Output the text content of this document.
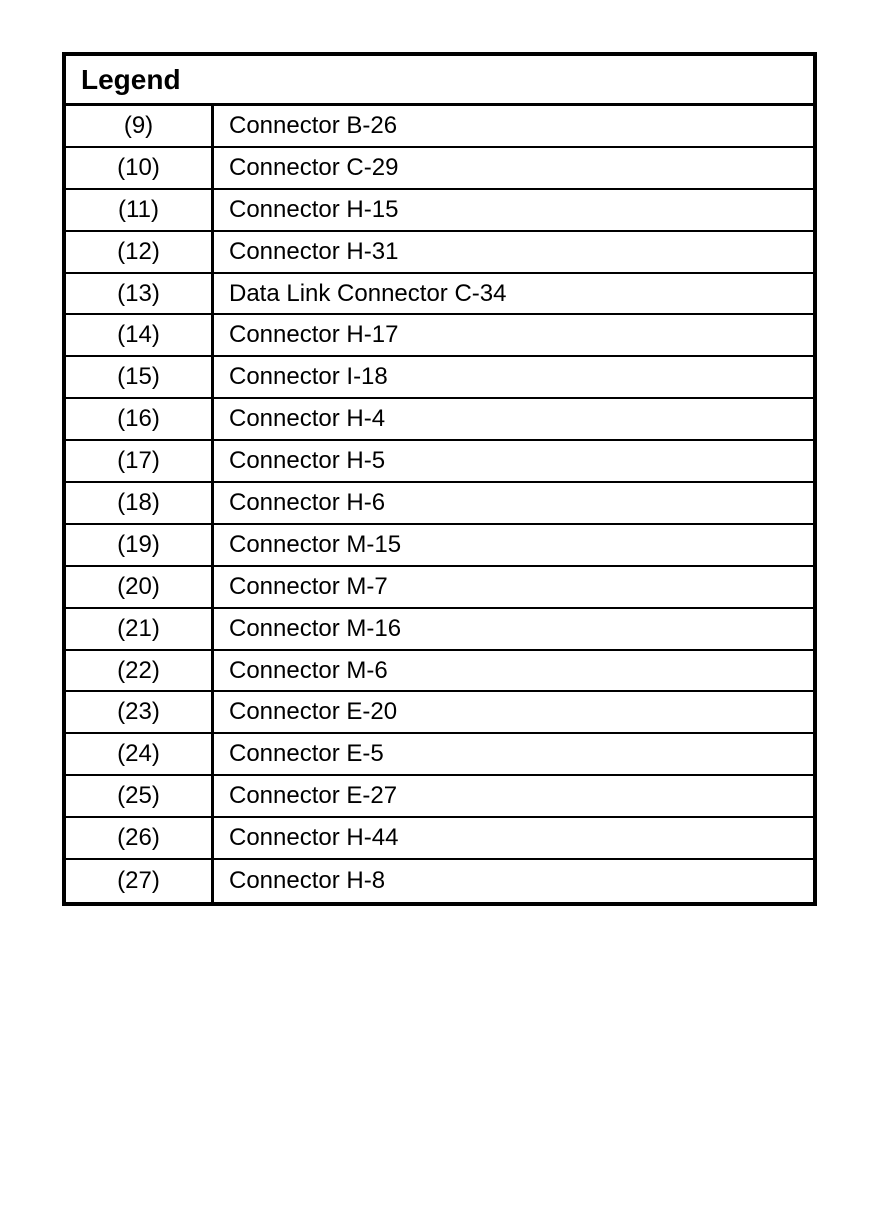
Legend
(9)	Connector B-26
(10)	Connector C-29
(11)	Connector H-15
(12)	Connector H-31
(13)	Data Link Connector C-34
(14)	Connector H-17
(15)	Connector I-18
(16)	Connector H-4
(17)	Connector H-5
(18)	Connector H-6
(19)	Connector M-15
(20)	Connector M-7
(21)	Connector M-16
(22)	Connector M-6
(23)	Connector E-20
(24)	Connector E-5
(25)	Connector E-27
(26)	Connector H-44
(27)	Connector H-8
